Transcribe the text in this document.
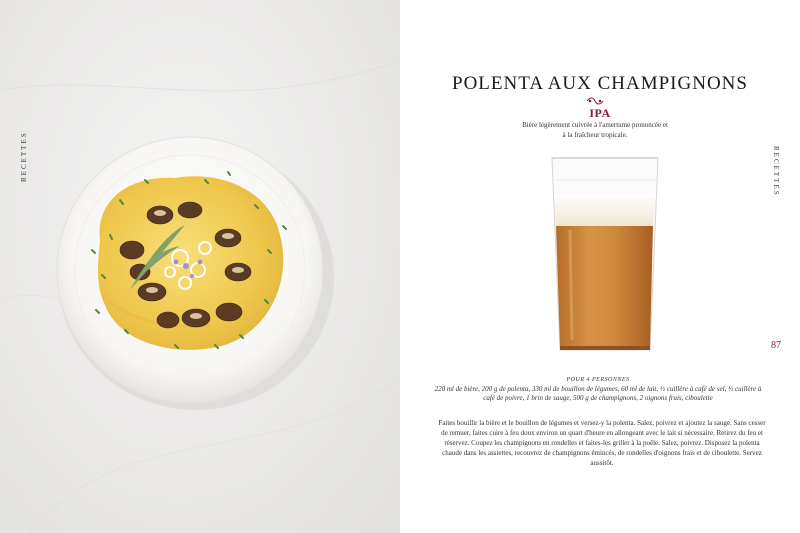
RECETTES
POLENTA AUX CHAMPIGNONS
IPA
Bière légèrement cuivrée à l'amertume prononcée et à la fraîcheur tropicale.
RECETTES
87
POUR 4 PERSONNES
220 ml de bière, 200 g de polenta, 330 ml de bouillon de légumes, 60 ml de lait, ½ cuillère à café de sel, ½ cuillère à café de poivre, 1 brin de sauge, 500 g de champignons, 2 oignons frais, ciboulette
Faites bouillir la bière et le bouillon de légumes et versez-y la polenta. Salez, poivrez et ajoutez la sauge. Sans cesser de remuer, faites cuire à feu doux environ un quart d'heure en allongeant avec le lait si nécessaire. Retirez du feu et réservez. Coupez les champignons en rondelles et faites-les griller à la poêle. Salez, poivrez. Disposez la polenta chaude dans les assiettes, recouvrez de champignons émincés, de rondelles d'oignons frais et de ciboulette. Servez aussitôt.
